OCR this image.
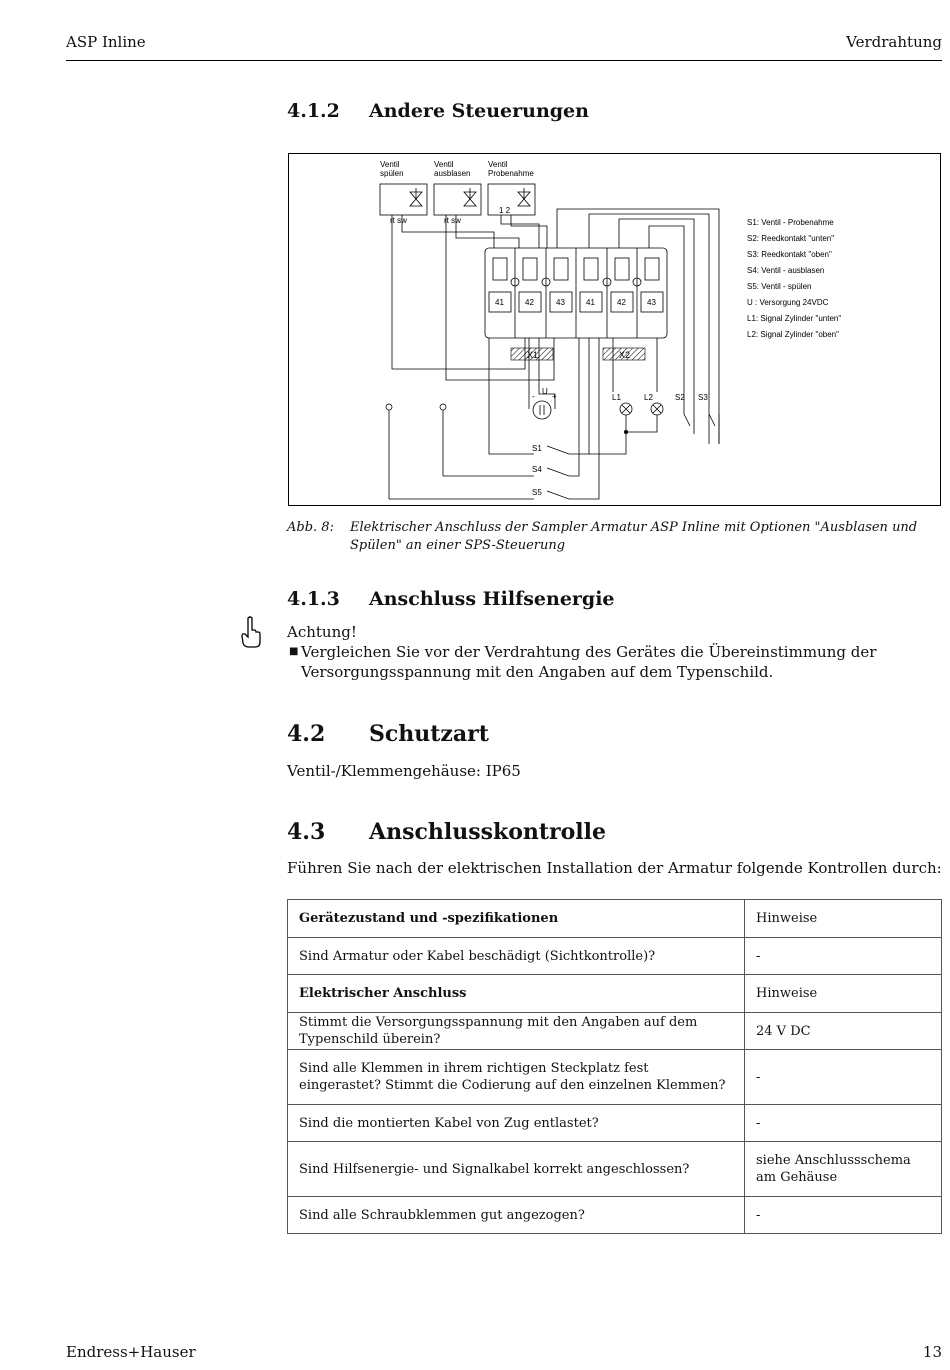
ASP Inline	Verdrahtung
4.1.2 Andere Steuerungen
Ventil
spülen
Ventil
ausblasen
Ventil
Probenahme
rt sw	rt sw
1 2
41	42	43	41	42	43
X1	X2
U
- +	L1	L2	S2 S3
S1
S4
S5
S1: Ventil - Probenahme
S2: Reedkontakt "unten"
S3: Reedkontakt "oben"
S4: Ventil - ausblasen
S5: Ventil - spülen
U : Versorgung 24VDC
L1: Signal Zylinder "unten"
L2: Signal Zylinder "oben"
Abb. 8: Elektrischer Anschluss der Sampler Armatur ASP Inline mit Optionen "Ausblasen und Spülen" an einer SPS-Steuerung
4.1.3 Anschluss Hilfsenergie
Achtung!
■ Vergleichen Sie vor der Verdrahtung des Gerätes die Übereinstimmung der Versorgungsspannung mit den Angaben auf dem Typenschild.
4.2 Schutzart
Ventil-/Klemmengehäuse: IP65
4.3 Anschlusskontrolle
Führen Sie nach der elektrischen Installation der Armatur folgende Kontrollen durch:
Gerätezustand und -spezifikationen	Hinweise
Sind Armatur oder Kabel beschädigt (Sichtkontrolle)?	-
Elektrischer Anschluss	Hinweise
Stimmt die Versorgungsspannung mit den Angaben auf dem Typenschild überein?	24 V DC
Sind alle Klemmen in ihrem richtigen Steckplatz fest eingerastet? Stimmt die Codierung auf den einzelnen Klemmen?	-
Sind die montierten Kabel von Zug entlastet?	-
Sind Hilfsenergie- und Signalkabel korrekt angeschlossen?	siehe Anschlussschema am Gehäuse
Sind alle Schraubklemmen gut angezogen?	-
Endress+Hauser	13
